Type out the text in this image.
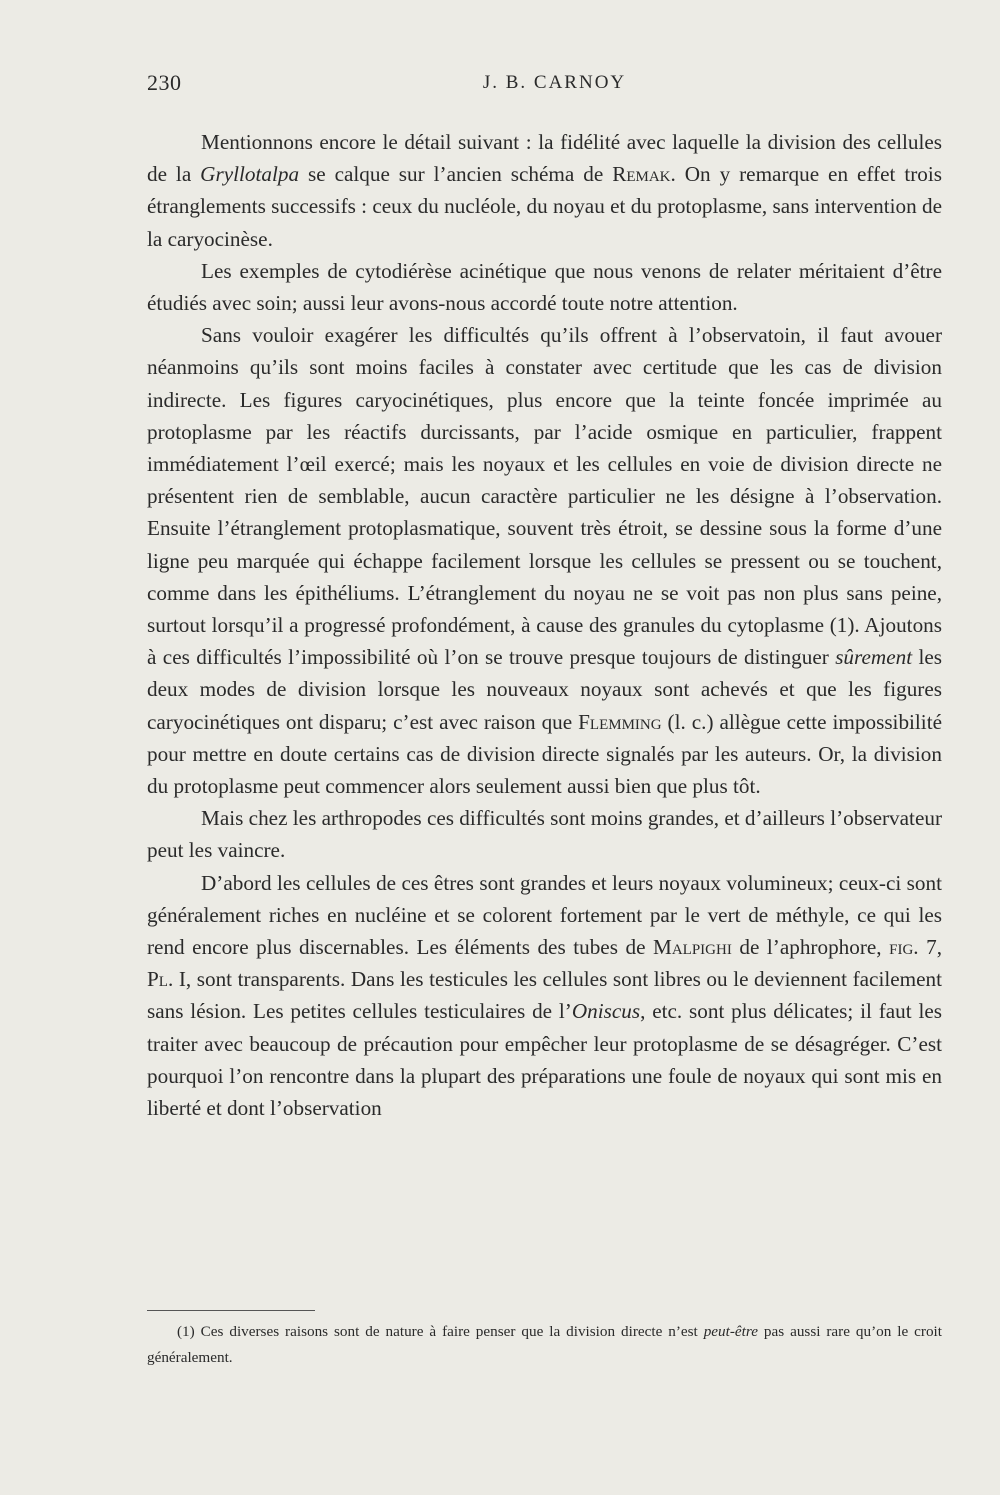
230	J. B. CARNOY

Mentionnons encore le détail suivant : la fidélité avec laquelle la division des cellules de la Gryllotalpa se calque sur l’ancien schéma de Remak. On y remarque en effet trois étranglements successifs : ceux du nucléole, du noyau et du protoplasme, sans intervention de la caryocinèse.

Les exemples de cytodiérèse acinétique que nous venons de relater méritaient d’être étudiés avec soin; aussi leur avons-nous accordé toute notre attention.

Sans vouloir exagérer les difficultés qu’ils offrent à l’observatoin, il faut avouer néanmoins qu’ils sont moins faciles à constater avec certitude que les cas de division indirecte. Les figures caryocinétiques, plus encore que la teinte foncée imprimée au protoplasme par les réactifs durcissants, par l’acide osmique en particulier, frappent immédiatement l’œil exercé; mais les noyaux et les cellules en voie de division directe ne présentent rien de semblable, aucun caractère particulier ne les désigne à l’observation. Ensuite l’étranglement protoplasmatique, souvent très étroit, se dessine sous la forme d’une ligne peu marquée qui échappe facilement lorsque les cellules se pressent ou se touchent, comme dans les épithéliums. L’étranglement du noyau ne se voit pas non plus sans peine, surtout lorsqu’il a progressé profondément, à cause des granules du cytoplasme (1). Ajoutons à ces difficultés l’impossibilité où l’on se trouve presque toujours de distinguer sûrement les deux modes de division lorsque les nouveaux noyaux sont achevés et que les figures caryocinétiques ont disparu; c’est avec raison que Flemming (l. c.) allègue cette impossibilité pour mettre en doute certains cas de division directe signalés par les auteurs. Or, la division du protoplasme peut commencer alors seulement aussi bien que plus tôt.

Mais chez les arthropodes ces difficultés sont moins grandes, et d’ailleurs l’observateur peut les vaincre.

D’abord les cellules de ces êtres sont grandes et leurs noyaux volumineux; ceux-ci sont généralement riches en nucléine et se colorent fortement par le vert de méthyle, ce qui les rend encore plus discernables. Les éléments des tubes de Malpighi de l’aphrophore, fig. 7, Pl. I, sont transparents. Dans les testicules les cellules sont libres ou le deviennent facilement sans lésion. Les petites cellules testiculaires de l’Oniscus, etc. sont plus délicates; il faut les traiter avec beaucoup de précaution pour empêcher leur protoplasme de se désagréger. C’est pourquoi l’on rencontre dans la plupart des préparations une foule de noyaux qui sont mis en liberté et dont l’observation

(1) Ces diverses raisons sont de nature à faire penser que la division directe n’est peut-être pas aussi rare qu’on le croit généralement.
